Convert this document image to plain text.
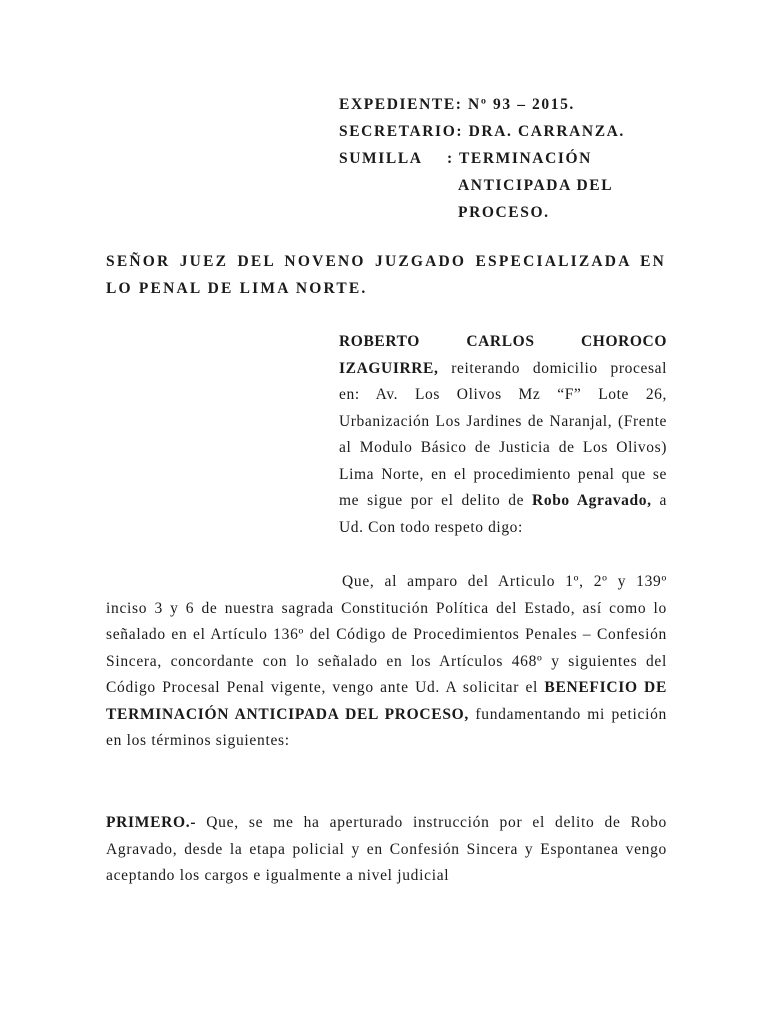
EXPEDIENTE: Nº 93 – 2015.
SECRETARIO: DRA. CARRANZA.
SUMILLA : TERMINACIÓN
ANTICIPADA DEL
PROCESO.
SEÑOR JUEZ DEL NOVENO JUZGADO ESPECIALIZADA EN LO PENAL DE LIMA NORTE.
ROBERTO CARLOS CHOROCO IZAGUIRRE, reiterando domicilio procesal en: Av. Los Olivos Mz “F” Lote 26, Urbanización Los Jardines de Naranjal, (Frente al Modulo Básico de Justicia de Los Olivos) Lima Norte, en el procedimiento penal que se me sigue por el delito de Robo Agravado, a Ud. Con todo respeto digo:
Que, al amparo del Articulo 1º, 2º y 139º inciso 3 y 6 de nuestra sagrada Constitución Política del Estado, así como lo señalado en el Artículo 136º del Código de Procedimientos Penales – Confesión Sincera, concordante con lo señalado en los Artículos 468º y siguientes del Código Procesal Penal vigente, vengo ante Ud. A solicitar el BENEFICIO DE TERMINACIÓN ANTICIPADA DEL PROCESO, fundamentando mi petición en los términos siguientes:
PRIMERO.- Que, se me ha aperturado instrucción por el delito de Robo Agravado, desde la etapa policial y en Confesión Sincera y Espontanea vengo aceptando los cargos e igualmente a nivel judicial
